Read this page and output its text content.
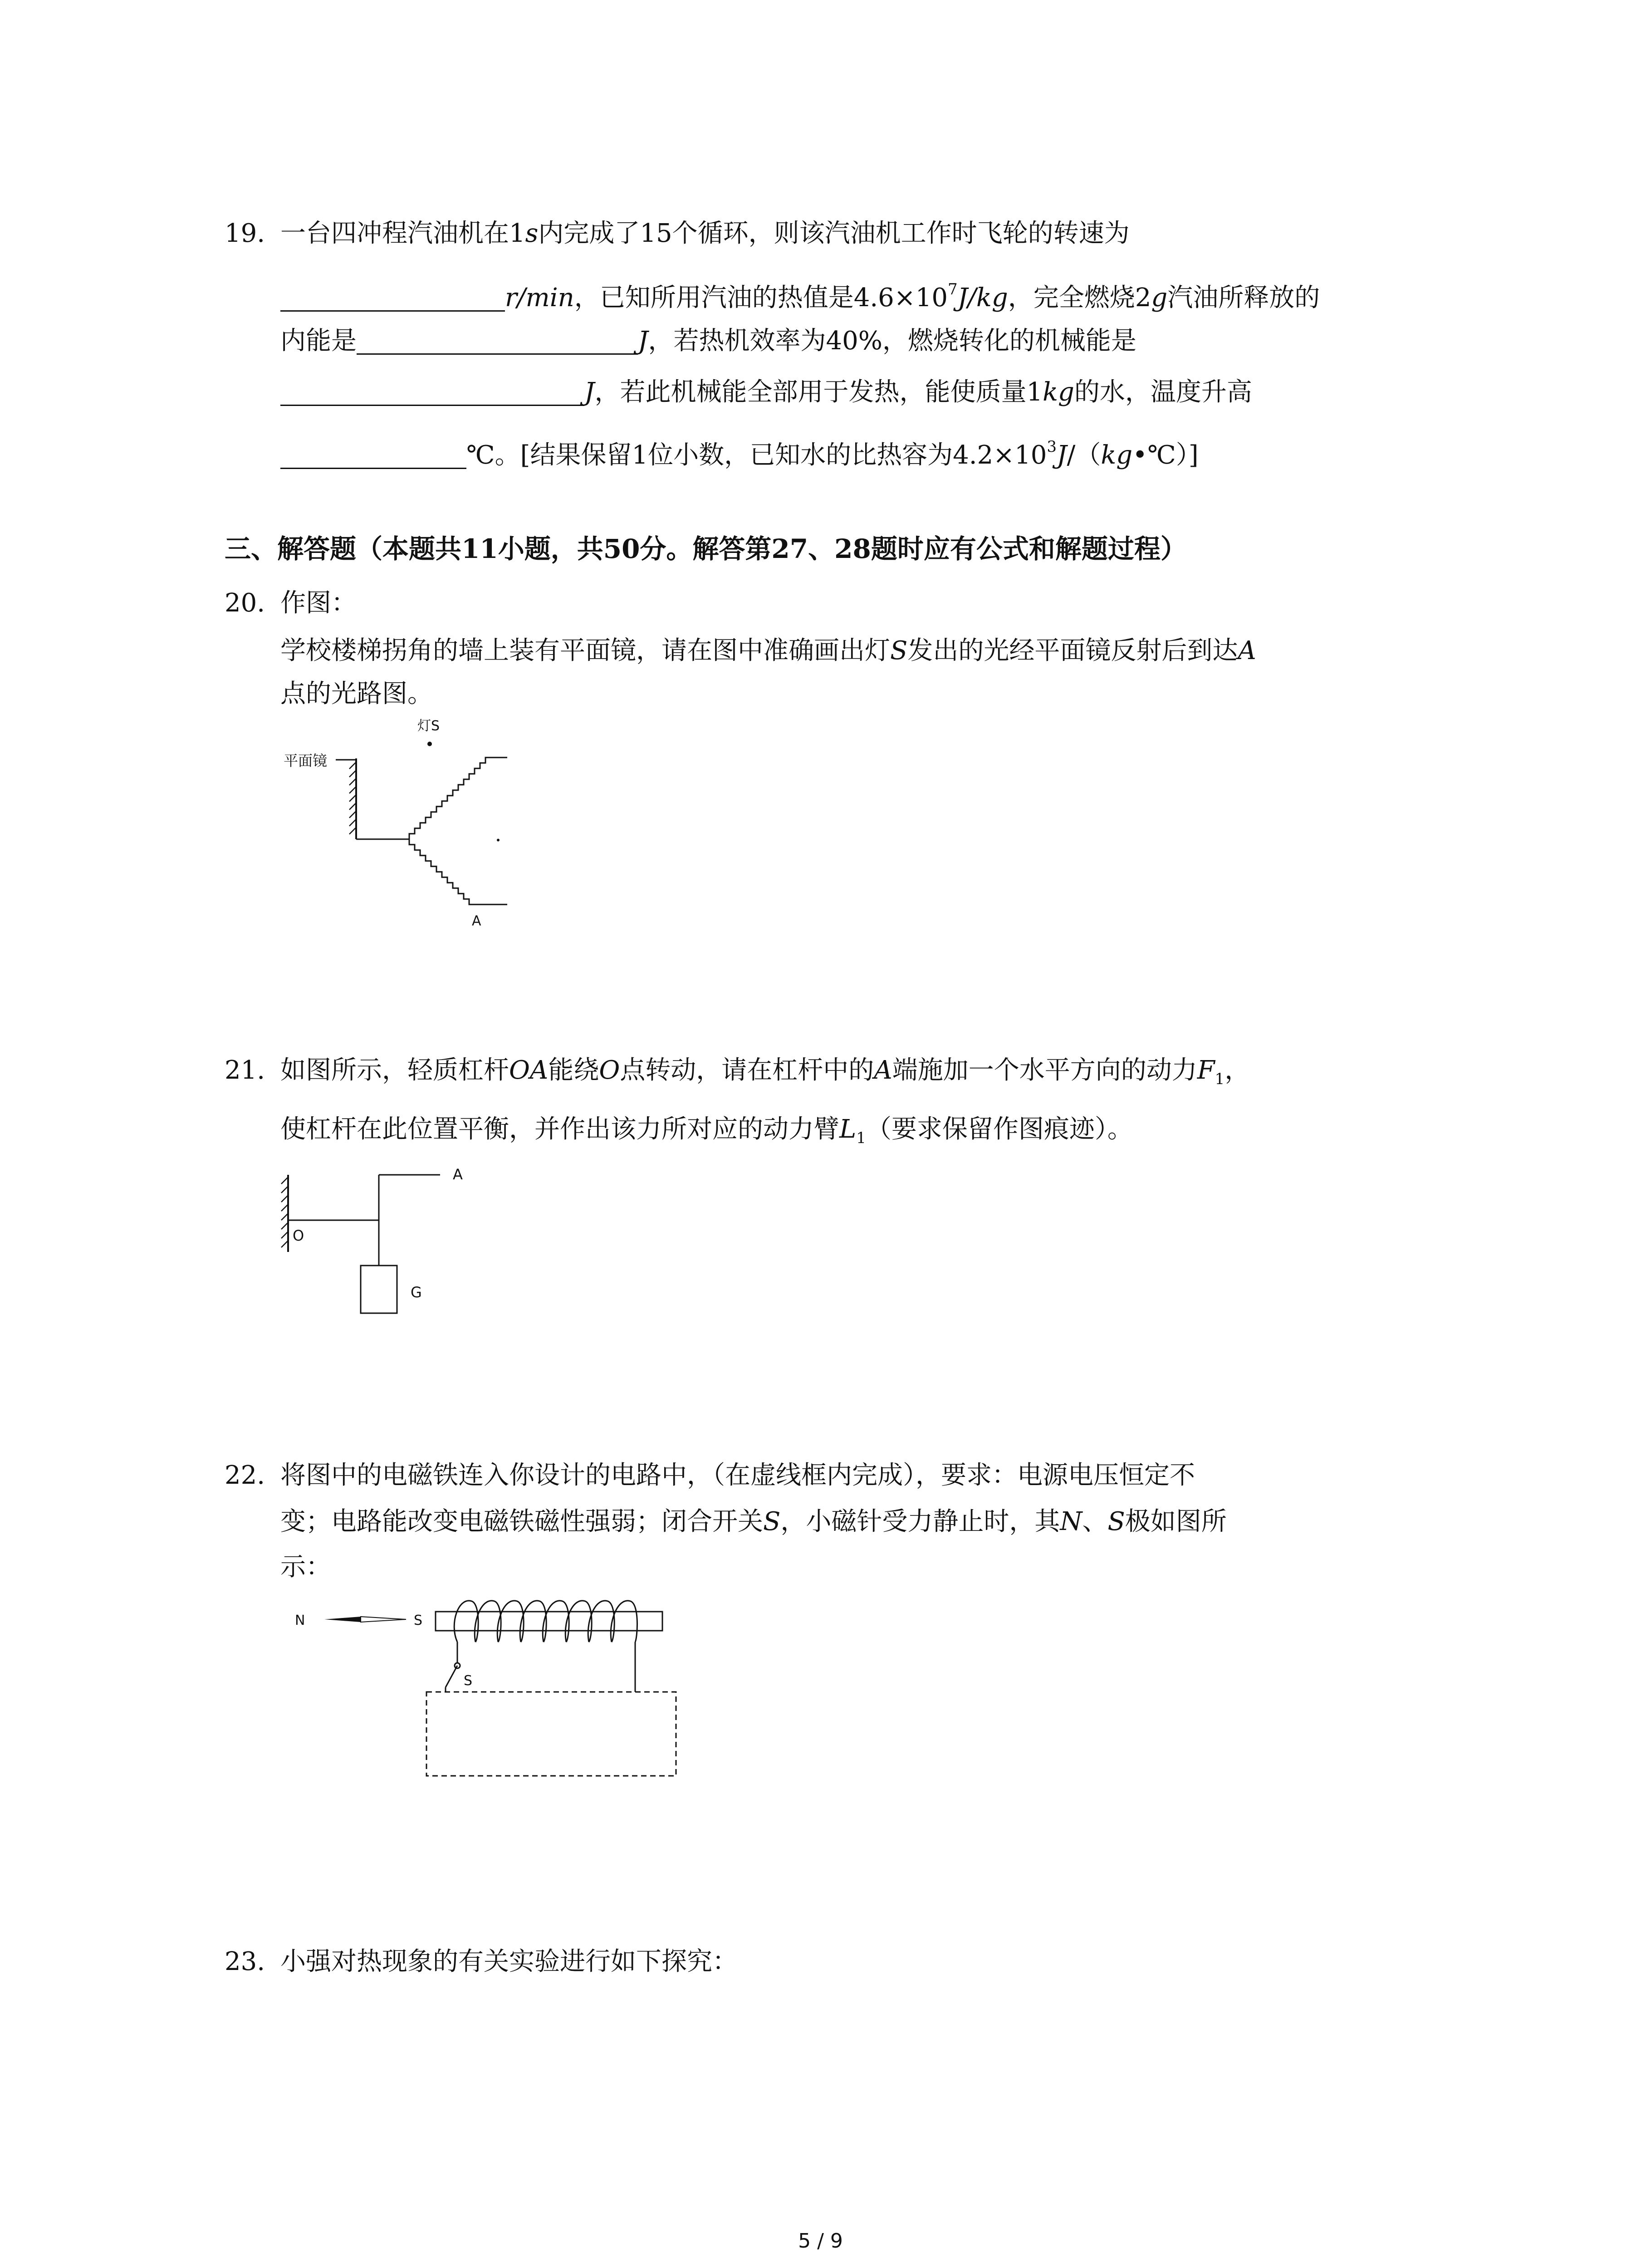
19. 一台四冲程汽油机在1s内完成了15个循环，则该汽油机工作时飞轮的转速为
r/min，已知所用汽油的热值是$4.6\times 10^7J/kg$，完全燃烧2g汽油所释放的
内能是	J，若热机效率为40%，燃烧转化的机械能是
J，若此机械能全部用于发热，能使质量1kg的水，温度升高
℃。[结果保留1位小数，已知水的比热容为$4.2\times 10^3J/(kg•℃)$]
三、解答题（本题共11小题，共50分。解答第27、28题时应有公式和解题过程）
20. 作图：
学校楼梯拐角的墙上装有平面镜，请在图中准确画出灯S发出的光经平面镜反射后到达A
点的光路图。
平面镜
灯S
A
21. 如图所示，轻质杠杆OA能绕O点转动，请在杠杆中的A端施加一个水平方向的动力$F_1$，
使杠杆在此位置平衡，并作出该力所对应的动力臂$L_1$（要求保留作图痕迹）。
O
A
G
22. 将图中的电磁铁连入你设计的电路中，（在虚线框内完成），要求：电源电压恒定不
变；电路能改变电磁铁磁性强弱；闭合开关S，小磁针受力静止时，其N、S极如图所
示：
N	S
S
23. 小强对热现象的有关实验进行如下探究：
5 / 9
